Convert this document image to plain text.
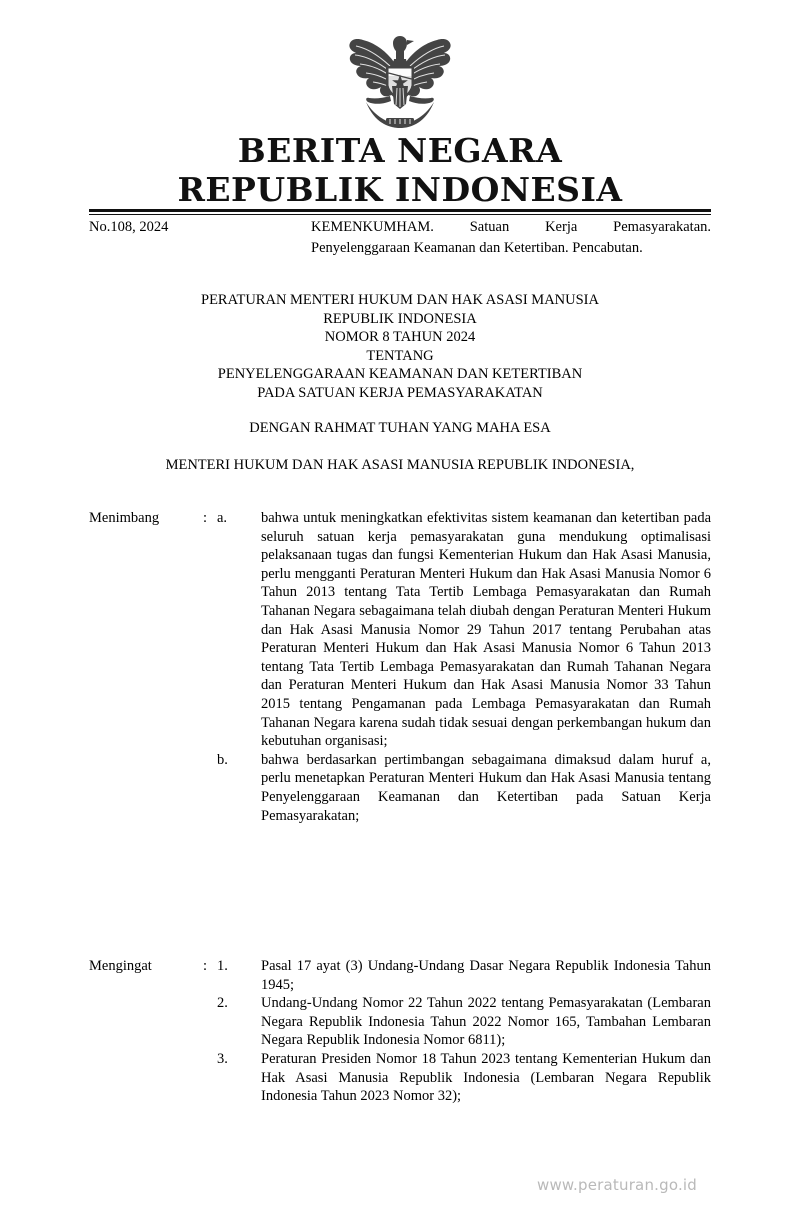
BERITA NEGARA
REPUBLIK INDONESIA
No.108, 2024	KEMENKUMHAM. Satuan Kerja Pemasyarakatan. Penyelenggaraan Keamanan dan Ketertiban. Pencabutan.
PERATURAN MENTERI HUKUM DAN HAK ASASI MANUSIA
REPUBLIK INDONESIA
NOMOR 8 TAHUN 2024
TENTANG
PENYELENGGARAAN KEAMANAN DAN KETERTIBAN
PADA SATUAN KERJA PEMASYARAKATAN
DENGAN RAHMAT TUHAN YANG MAHA ESA
MENTERI HUKUM DAN HAK ASASI MANUSIA REPUBLIK INDONESIA,
Menimbang	: a.	bahwa untuk meningkatkan efektivitas sistem keamanan dan ketertiban pada seluruh satuan kerja pemasyarakatan guna mendukung optimalisasi pelaksanaan tugas dan fungsi Kementerian Hukum dan Hak Asasi Manusia, perlu mengganti Peraturan Menteri Hukum dan Hak Asasi Manusia Nomor 6 Tahun 2013 tentang Tata Tertib Lembaga Pemasyarakatan dan Rumah Tahanan Negara sebagaimana telah diubah dengan Peraturan Menteri Hukum dan Hak Asasi Manusia Nomor 29 Tahun 2017 tentang Perubahan atas Peraturan Menteri Hukum dan Hak Asasi Manusia Nomor 6 Tahun 2013 tentang Tata Tertib Lembaga Pemasyarakatan dan Rumah Tahanan Negara dan Peraturan Menteri Hukum dan Hak Asasi Manusia Nomor 33 Tahun 2015 tentang Pengamanan pada Lembaga Pemasyarakatan dan Rumah Tahanan Negara karena sudah tidak sesuai dengan perkembangan hukum dan kebutuhan organisasi;
b.	bahwa berdasarkan pertimbangan sebagaimana dimaksud dalam huruf a, perlu menetapkan Peraturan Menteri Hukum dan Hak Asasi Manusia tentang Penyelenggaraan Keamanan dan Ketertiban pada Satuan Kerja Pemasyarakatan;
Mengingat	: 1.	Pasal 17 ayat (3) Undang-Undang Dasar Negara Republik Indonesia Tahun 1945;
2.	Undang-Undang Nomor 22 Tahun 2022 tentang Pemasyarakatan (Lembaran Negara Republik Indonesia Tahun 2022 Nomor 165, Tambahan Lembaran Negara Republik Indonesia Nomor 6811);
3.	Peraturan Presiden Nomor 18 Tahun 2023 tentang Kementerian Hukum dan Hak Asasi Manusia Republik Indonesia (Lembaran Negara Republik Indonesia Tahun 2023 Nomor 32);
www.peraturan.go.id
